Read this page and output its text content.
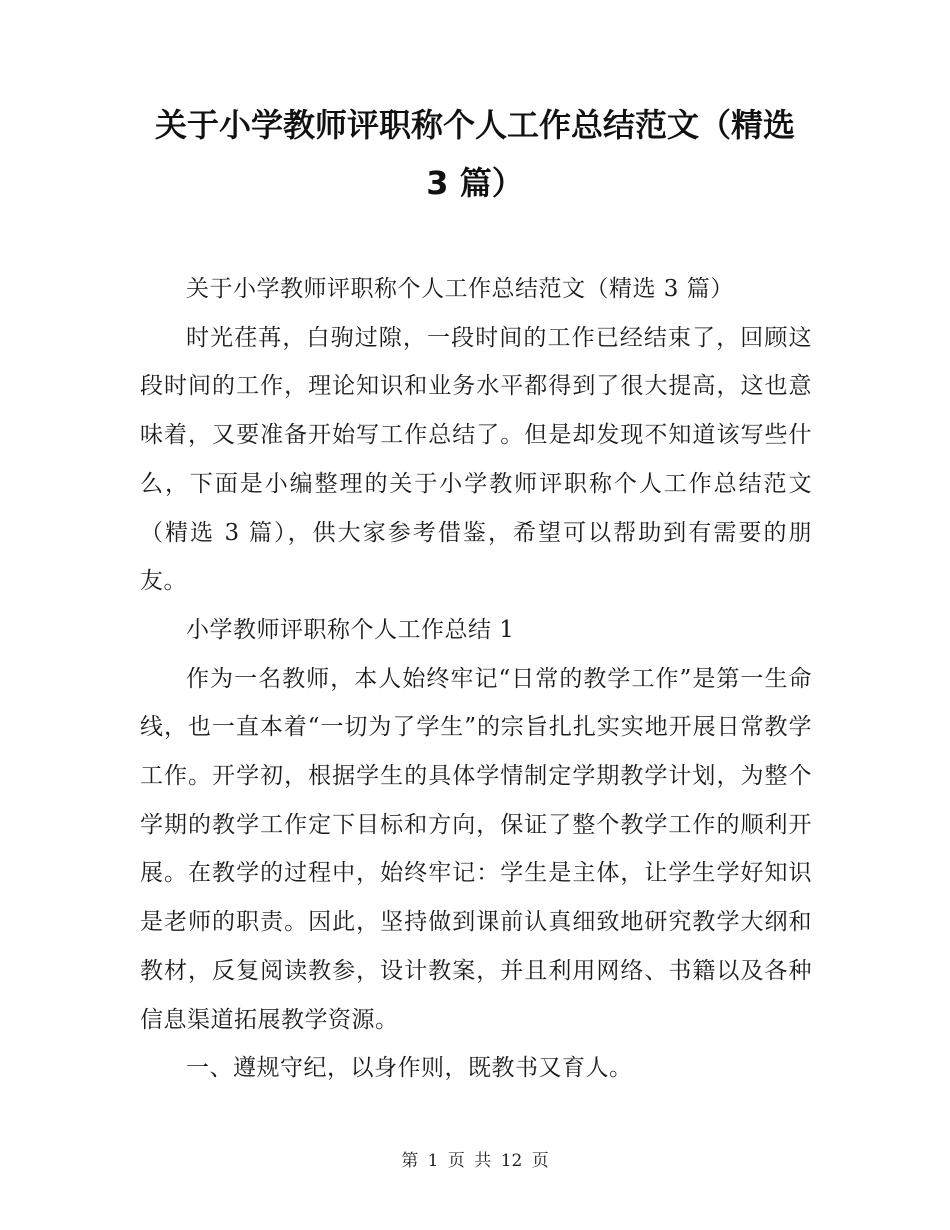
关于小学教师评职称个人工作总结范文（精选 3 篇）

关于小学教师评职称个人工作总结范文（精选 3 篇）

时光荏苒，白驹过隙，一段时间的工作已经结束了，回顾这段时间的工作，理论知识和业务水平都得到了很大提高，这也意味着，又要准备开始写工作总结了。但是却发现不知道该写些什么，下面是小编整理的关于小学教师评职称个人工作总结范文（精选 3 篇），供大家参考借鉴，希望可以帮助到有需要的朋友。

小学教师评职称个人工作总结 1

作为一名教师，本人始终牢记“日常的教学工作”是第一生命线，也一直本着“一切为了学生”的宗旨扎扎实实地开展日常教学工作。开学初，根据学生的具体学情制定学期教学计划，为整个学期的教学工作定下目标和方向，保证了整个教学工作的顺利开展。在教学的过程中，始终牢记：学生是主体，让学生学好知识是老师的职责。因此，坚持做到课前认真细致地研究教学大纲和教材，反复阅读教参，设计教案，并且利用网络、书籍以及各种信息渠道拓展教学资源。

一、遵规守纪，以身作则，既教书又育人。

第 1 页 共 12 页
